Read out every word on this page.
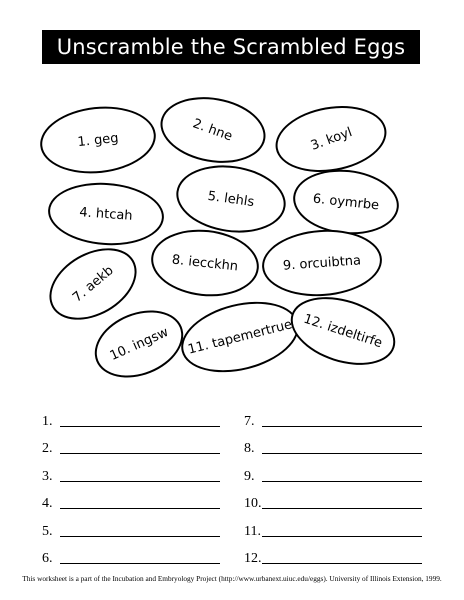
Unscramble the Scrambled Eggs
1. geg	2. hne	3. koyl
4. htcah
5. lehls	6. oymrbe
7. aekb	8. iecckhn	9. orcuibtna
10. ingsw 11. tapemertrue 12. izdeltirfe
1.
2.
3.
4.
5.
6.
7.
8.
9.
10.
11.
12.
This worksheet is a part of the Incubation and Embryology Project (http://www.urbanext.uiuc.edu/eggs). University of Illinois Extension, 1999.
